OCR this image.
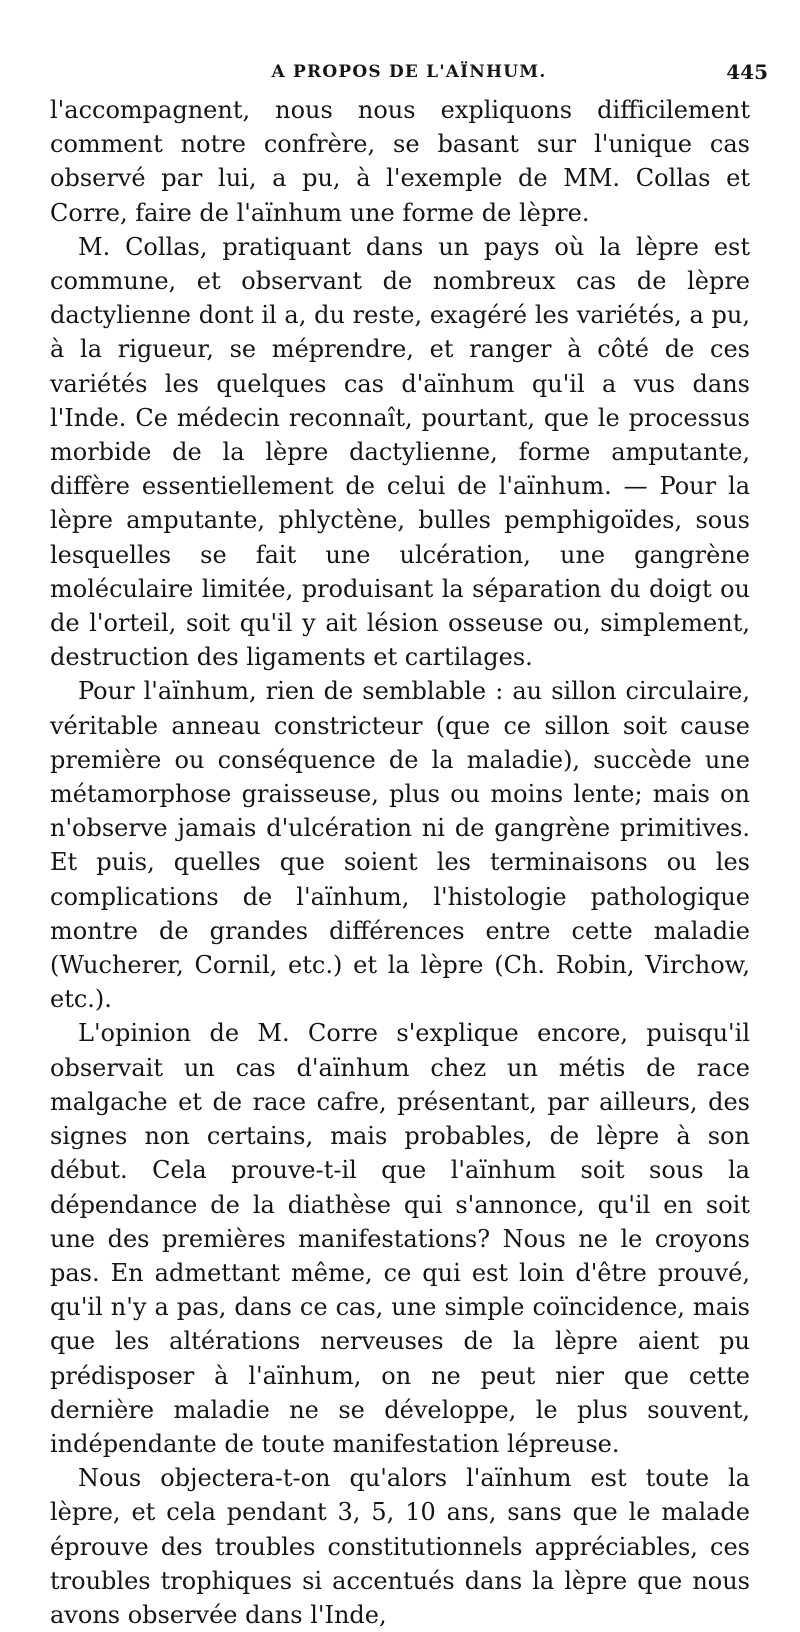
A PROPOS DE L'AÏNHUM.	445

l'accompagnent, nous nous expliquons difficilement comment notre confrère, se basant sur l'unique cas observé par lui, a pu, à l'exemple de MM. Collas et Corre, faire de l'aïnhum une forme de lèpre.

M. Collas, pratiquant dans un pays où la lèpre est commune, et observant de nombreux cas de lèpre dactylienne dont il a, du reste, exagéré les variétés, a pu, à la rigueur, se méprendre, et ranger à côté de ces variétés les quelques cas d'aïnhum qu'il a vus dans l'Inde. Ce médecin reconnaît, pourtant, que le processus morbide de la lèpre dactylienne, forme amputante, diffère essentiellement de celui de l'aïnhum. — Pour la lèpre amputante, phlyctène, bulles pemphigoïdes, sous lesquelles se fait une ulcération, une gangrène moléculaire limitée, produisant la séparation du doigt ou de l'orteil, soit qu'il y ait lésion osseuse ou, simplement, destruction des ligaments et cartilages.

Pour l'aïnhum, rien de semblable : au sillon circulaire, véritable anneau constricteur (que ce sillon soit cause première ou conséquence de la maladie), succède une métamorphose graisseuse, plus ou moins lente; mais on n'observe jamais d'ulcération ni de gangrène primitives. Et puis, quelles que soient les terminaisons ou les complications de l'aïnhum, l'histologie pathologique montre de grandes différences entre cette maladie (Wucherer, Cornil, etc.) et la lèpre (Ch. Robin, Virchow, etc.).

L'opinion de M. Corre s'explique encore, puisqu'il observait un cas d'aïnhum chez un métis de race malgache et de race cafre, présentant, par ailleurs, des signes non certains, mais probables, de lèpre à son début. Cela prouve-t-il que l'aïnhum soit sous la dépendance de la diathèse qui s'annonce, qu'il en soit une des premières manifestations? Nous ne le croyons pas. En admettant même, ce qui est loin d'être prouvé, qu'il n'y a pas, dans ce cas, une simple coïncidence, mais que les altérations nerveuses de la lèpre aient pu prédisposer à l'aïnhum, on ne peut nier que cette dernière maladie ne se développe, le plus souvent, indépendante de toute manifestation lépreuse.

Nous objectera-t-on qu'alors l'aïnhum est toute la lèpre, et cela pendant 3, 5, 10 ans, sans que le malade éprouve des troubles constitutionnels appréciables, ces troubles trophiques si accentués dans la lèpre que nous avons observée dans l'Inde,
